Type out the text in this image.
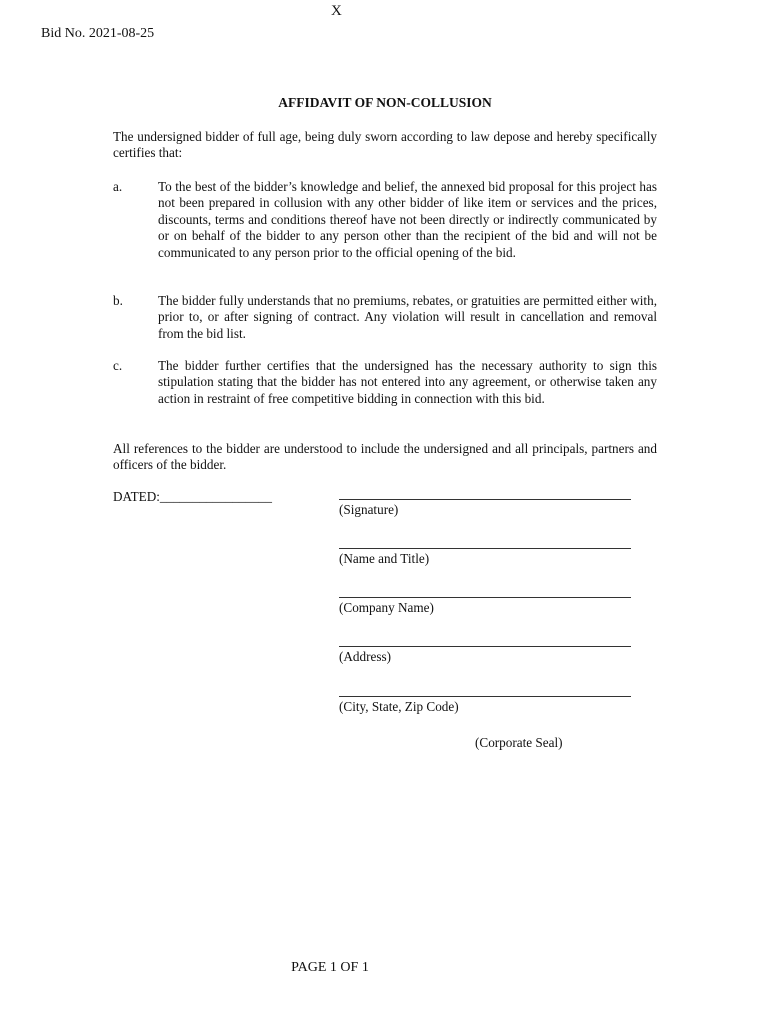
X
Bid No. 2021-08-25
AFFIDAVIT OF NON-COLLUSION
The undersigned bidder of full age, being duly sworn according to law depose and hereby specifically certifies that:
a.	To the best of the bidder’s knowledge and belief, the annexed bid proposal for this project has not been prepared in collusion with any other bidder of like item or services and the prices, discounts, terms and conditions thereof have not been directly or indirectly communicated by or on behalf of the bidder to any person other than the recipient of the bid and will not be communicated to any person prior to the official opening of the bid.
b.	The bidder fully understands that no premiums, rebates, or gratuities are permitted either with, prior to, or after signing of contract. Any violation will result in cancellation and removal from the bid list.
c.	The bidder further certifies that the undersigned has the necessary authority to sign this stipulation stating that the bidder has not entered into any agreement, or otherwise taken any action in restraint of free competitive bidding in connection with this bid.
All references to the bidder are understood to include the undersigned and all principals, partners and officers of the bidder.
DATED:_________________
(Signature)
(Name and Title)
(Company Name)
(Address)
(City, State, Zip Code)
(Corporate Seal)
PAGE 1 OF 1
